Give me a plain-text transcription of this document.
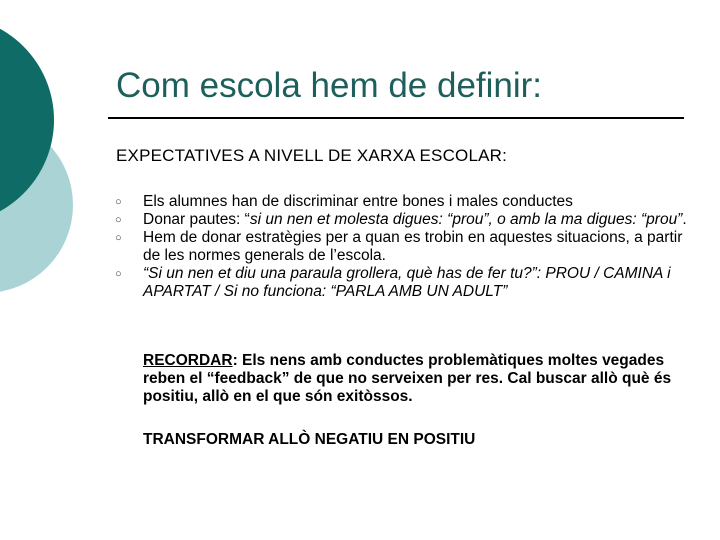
Com escola hem de definir:
EXPECTATIVES A NIVELL DE XARXA ESCOLAR:
○ Els alumnes han de discriminar entre bones i males conductes
○ Donar pautes: “si un nen et molesta digues: “prou”, o amb la ma digues: “prou”.
○ Hem de donar estratègies per a quan es trobin en aquestes situacions, a partir de les normes generals de l’escola.
○ “Si un nen et diu una paraula grollera, què has de fer tu?”: PROU / CAMINA i APARTAT / Si no funciona: “PARLA AMB UN ADULT”
RECORDAR: Els nens amb conductes problemàtiques moltes vegades reben el “feedback” de que no serveixen per res. Cal buscar allò què és positiu, allò en el que són exitòssos.
TRANSFORMAR ALLÒ NEGATIU EN POSITIU
